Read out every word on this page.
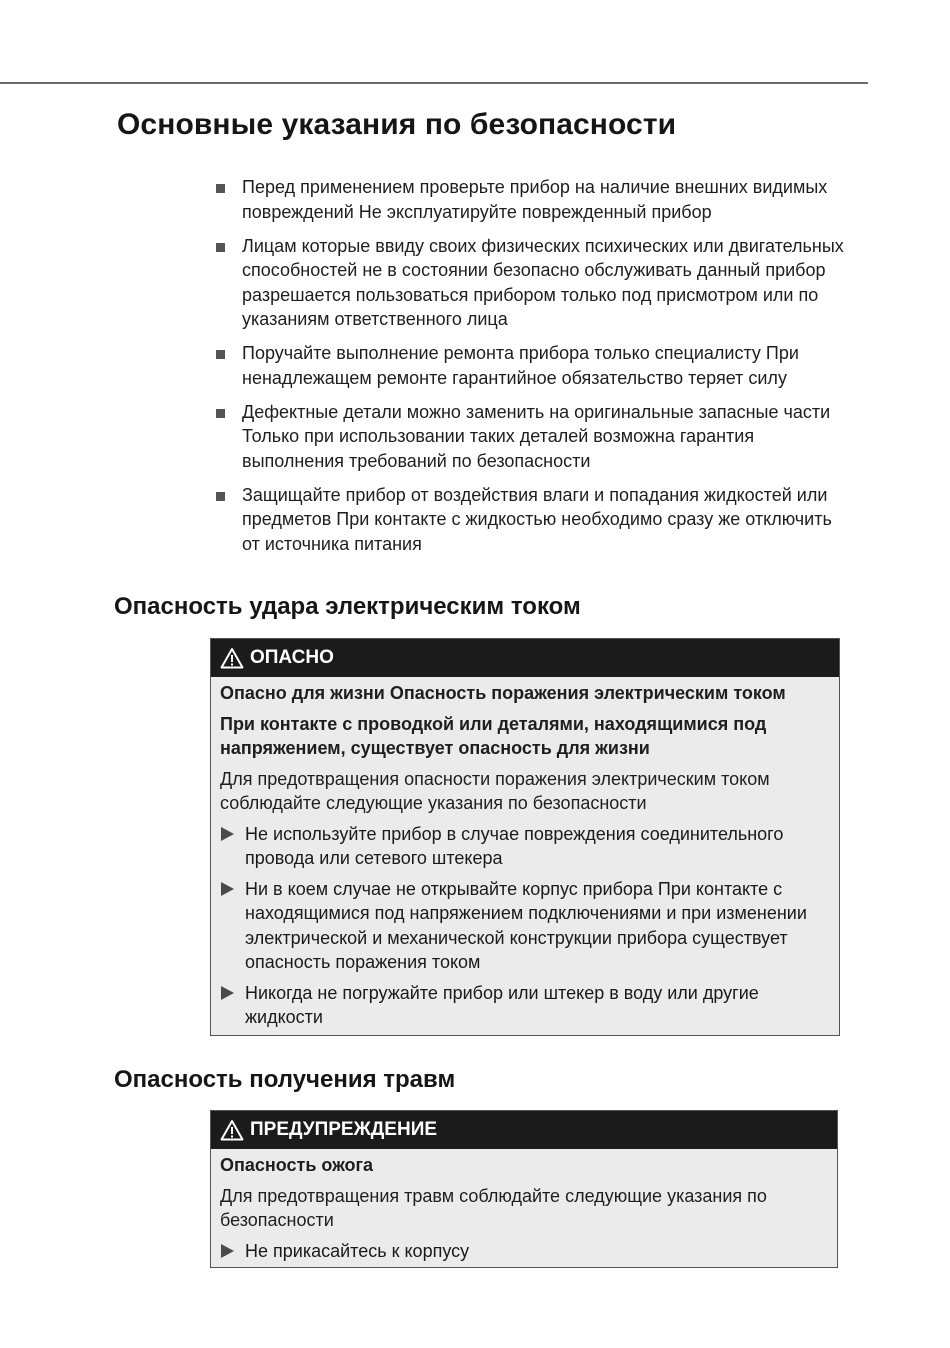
Основные указания по безопасности
Перед применением проверьте прибор на наличие внешних видимых повреждений Не эксплуатируйте поврежденный прибор
Лицам которые ввиду своих физических психических или двигательных способностей не в состоянии безопасно обслуживать данный прибор разрешается пользоваться прибором только под присмотром или по указаниям ответственного лица
Поручайте выполнение ремонта прибора только специалисту При ненадлежащем ремонте гарантийное обязательство теряет силу
Дефектные детали можно заменить на оригинальные запасные части Только при использовании таких деталей возможна гарантия выполнения требований по безопасности
Защищайте прибор от воздействия влаги и попадания жидкостей или предметов При контакте с жидкостью необходимо сразу же отключить от источника питания
Опасность удара электрическим током
ОПАСНО

Опасно для жизни Опасность поражения электрическим током

При контакте с проводкой или деталями, находящимися под напряжением, существует опасность для жизни

Для предотвращения опасности поражения электрическим током соблюдайте следующие указания по безопасности

Не используйте прибор в случае повреждения соединительного провода или сетевого штекера
Ни в коем случае не открывайте корпус прибора При контакте с находящимися под напряжением подключениями и при изменении электрической и механической конструкции прибора существует опасность поражения током
Никогда не погружайте прибор или штекер в воду или другие жидкости
Опасность получения травм
ПРЕДУПРЕЖДЕНИЕ

Опасность ожога

Для предотвращения травм соблюдайте следующие указания по безопасности

Не прикасайтесь к корпусу
